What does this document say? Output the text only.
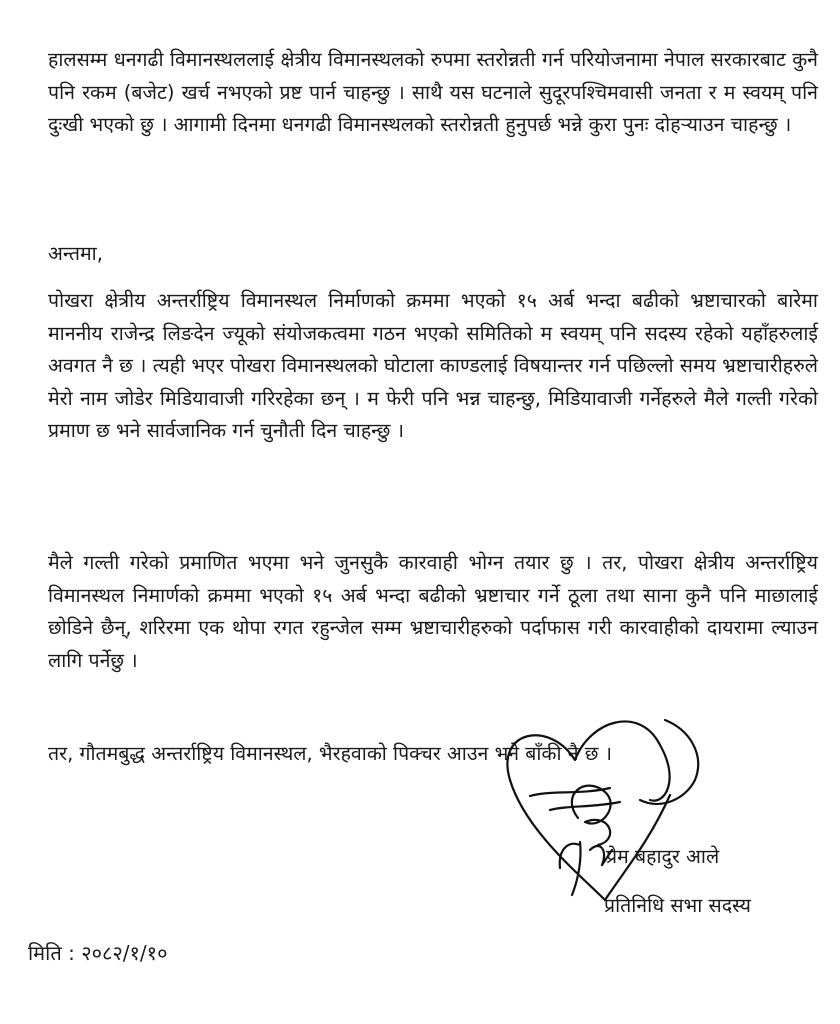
हालसम्म धनगढी विमानस्थललाई क्षेत्रीय विमानस्थलको रुपमा स्तरोन्नती गर्न परियोजनामा नेपाल सरकारबाट कुनै पनि रकम (बजेट) खर्च नभएको प्रष्ट पार्न चाहन्छु । साथै यस घटनाले सुदूरपश्चिमवासी जनता र म स्वयम् पनि दुःखी भएको छु । आगामी दिनमा धनगढी विमानस्थलको स्तरोन्नती हुनुपर्छ भन्ने कुरा पुनः दोहऱ्याउन चाहन्छु ।

अन्तमा,

पोखरा क्षेत्रीय अन्तर्राष्ट्रिय विमानस्थल निर्माणको क्रममा भएको १५ अर्ब भन्दा बढीको भ्रष्टाचारको बारेमा माननीय राजेन्द्र लिङदेन ज्यूको संयोजकत्वमा गठन भएको समितिको म स्वयम् पनि सदस्य रहेको यहाँहरुलाई अवगत नै छ । त्यही भएर पोखरा विमानस्थलको घोटाला काण्डलाई विषयान्तर गर्न पछिल्लो समय भ्रष्टाचारीहरुले मेरो नाम जोडेर मिडियावाजी गरिरहेका छन् । म फेरी पनि भन्न चाहन्छु, मिडियावाजी गर्नेहरुले मैले गल्ती गरेको प्रमाण छ भने सार्वजानिक गर्न चुनौती दिन चाहन्छु ।

मैले गल्ती गरेको प्रमाणित भएमा भने जुनसुकै कारवाही भोग्न तयार छु । तर, पोखरा क्षेत्रीय अन्तर्राष्ट्रिय विमानस्थल निमार्णको क्रममा भएको १५ अर्ब भन्दा बढीको भ्रष्टाचार गर्ने ठूला तथा साना कुनै पनि माछालाई छोडिने छैन्, शरिरमा एक थोपा रगत रहुन्जेल सम्म भ्रष्टाचारीहरुको पर्दाफास गरी कारवाहीको दायरामा ल्याउन लागि पर्नेछु ।

तर, गौतमबुद्ध अन्तर्राष्ट्रिय विमानस्थल, भैरहवाको पिक्चर आउन भने बाँकी नै छ ।

प्रेम बहादुर आले
प्रतिनिधि सभा सदस्य
मिति : २०८२/१/१०
